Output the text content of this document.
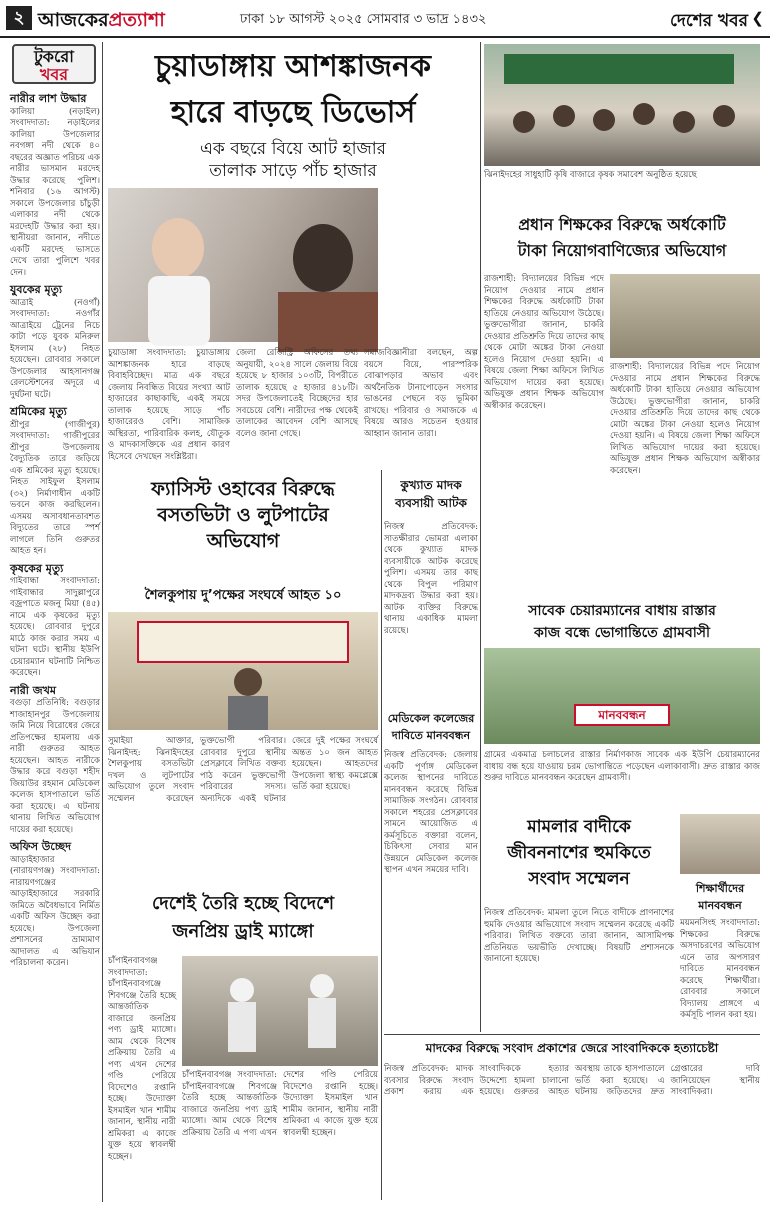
২ আজকেরপ্রত্যাশা	ঢাকা ১৮ আগস্ট ২০২৫ সোমবার ৩ ভাদ্র ১৪৩২	দেশের খবর ❮
টুকরো
খবর
নারীর লাশ উদ্ধার

কালিয়া (নড়াইল) সংবাদদাতা: নড়াইলের কালিয়া উপজেলার নবগঙ্গা নদী থেকে ৪০ বছরের অজ্ঞাত পরিচয় এক নারীর ভাসমান মরদেহ উদ্ধার করেছে পুলিশ। শনিবার (১৬ আগস্ট) সকালে উপজেলার চাঁচুড়ী এলাকার নদী থেকে মরদেহটি উদ্ধার করা হয়। স্থানীয়রা জানান, নদীতে একটি মরদেহ ভাসতে দেখে তারা পুলিশে খবর দেন।

যুবকের মৃত্যু

আত্রাই (নওগাঁ) সংবাদদাতা: নওগাঁর আত্রাইয়ে ট্রেনের নিচে কাটা পড়ে যুবক মনিরুল ইসলাম (২৮) নিহত হয়েছেন। রোববার সকালে উপজেলার আহসানগঞ্জ রেলস্টেশনের অদূরে এ দুর্ঘটনা ঘটে।

শ্রমিকের মৃত্যু

শ্রীপুর (গাজীপুর) সংবাদদাতা: গাজীপুরের শ্রীপুর উপজেলায় বৈদ্যুতিক তারে জড়িয়ে এক শ্রমিকের মৃত্যু হয়েছে। নিহত সাইফুল ইসলাম (৩২) নির্মাণাধীন একটি ভবনে কাজ করছিলেন। এসময় অসাবধানতাবশত বিদ্যুতের তারে স্পর্শ লাগলে তিনি গুরুতর আহত হন।

কৃষকের মৃত্যু

গাইবান্ধা সংবাদদাতা: গাইবান্ধার সাদুল্লাপুরে বজ্রপাতে মজনু মিয়া (৪৫) নামে এক কৃষকের মৃত্যু হয়েছে। রোববার দুপুরে মাঠে কাজ করার সময় এ ঘটনা ঘটে। স্থানীয় ইউপি চেয়ারম্যান ঘটনাটি নিশ্চিত করেছেন।

নারী জখম

বগুড়া প্রতিনিধি: বগুড়ার শাজাহানপুর উপজেলায় জমি নিয়ে বিরোধের জেরে প্রতিপক্ষের হামলায় এক নারী গুরুতর আহত হয়েছেন। আহত নারীকে উদ্ধার করে বগুড়া শহীদ জিয়াউর রহমান মেডিকেল কলেজ হাসপাতালে ভর্তি করা হয়েছে। এ ঘটনায় থানায় লিখিত অভিযোগ দায়ের করা হয়েছে।

অফিস উচ্ছেদ

আড়াইহাজার (নারায়ণগঞ্জ) সংবাদদাতা: নারায়ণগঞ্জের আড়াইহাজারে সরকারি জমিতে অবৈধভাবে নির্মিত একটি অফিস উচ্ছেদ করা হয়েছে। উপজেলা প্রশাসনের ভ্রাম্যমাণ আদালত এ অভিযান পরিচালনা করেন।

চুয়াডাঙ্গায় আশঙ্কাজনক
হারে বাড়ছে ডিভোর্স
এক বছরে বিয়ে আট হাজার
তালাক সাড়ে পাঁচ হাজার
চুয়াডাঙ্গা সংবাদদাতা: চুয়াডাঙ্গায় আশঙ্কাজনক হারে বাড়ছে বিবাহবিচ্ছেদ। মাত্র এক বছরে জেলায় নিবন্ধিত বিয়ের সংখ্যা আট হাজারের কাছাকাছি, একই সময়ে তালাক হয়েছে সাড়ে পাঁচ হাজারেরও বেশি। সামাজিক অস্থিরতা, পারিবারিক কলহ, যৌতুক ও মাদকাসক্তিকে এর প্রধান কারণ হিসেবে দেখছেন সংশ্লিষ্টরা।
জেলা রেজিস্ট্রি অফিসের তথ্য অনুযায়ী, ২০২৪ সালে জেলায় বিয়ে হয়েছে ৮ হাজার ১০৩টি, বিপরীতে তালাক হয়েছে ৫ হাজার ৪১৮টি। সদর উপজেলাতেই বিচ্ছেদের হার সবচেয়ে বেশি। নারীদের পক্ষ থেকেই তালাকের আবেদন বেশি আসছে বলেও জানা গেছে।
সমাজবিজ্ঞানীরা বলছেন, অল্প বয়সে বিয়ে, পারস্পরিক বোঝাপড়ার অভাব এবং অর্থনৈতিক টানাপোড়েন সংসার ভাঙনের পেছনে বড় ভূমিকা রাখছে। পরিবার ও সমাজকে এ বিষয়ে আরও সচেতন হওয়ার আহ্বান জানান তারা।
ঝিনাইদহের সাধুহাটি কৃষি বাজারে কৃষক সমাবেশ অনুষ্ঠিত হয়েছে
প্রধান শিক্ষকের বিরুদ্ধে অর্ধকোটি
টাকা নিয়োগবাণিজ্যের অভিযোগ
রাজশাহী: বিদ্যালয়ের বিভিন্ন পদে নিয়োগ দেওয়ার নামে প্রধান শিক্ষকের বিরুদ্ধে অর্ধকোটি টাকা হাতিয়ে নেওয়ার অভিযোগ উঠেছে। ভুক্তভোগীরা জানান, চাকরি দেওয়ার প্রতিশ্রুতি দিয়ে তাদের কাছ থেকে মোটা অঙ্কের টাকা নেওয়া হলেও নিয়োগ দেওয়া হয়নি। এ বিষয়ে জেলা শিক্ষা অফিসে লিখিত অভিযোগ দায়ের করা হয়েছে। অভিযুক্ত প্রধান শিক্ষক অভিযোগ অস্বীকার করেছেন।
রাজশাহী: বিদ্যালয়ের বিভিন্ন পদে নিয়োগ দেওয়ার নামে প্রধান শিক্ষকের বিরুদ্ধে অর্ধকোটি টাকা হাতিয়ে নেওয়ার অভিযোগ উঠেছে। ভুক্তভোগীরা জানান, চাকরি দেওয়ার প্রতিশ্রুতি দিয়ে তাদের কাছ থেকে মোটা অঙ্কের টাকা নেওয়া হলেও নিয়োগ দেওয়া হয়নি। এ বিষয়ে জেলা শিক্ষা অফিসে লিখিত অভিযোগ দায়ের করা হয়েছে। অভিযুক্ত প্রধান শিক্ষক অভিযোগ অস্বীকার করেছেন।
ফ্যাসিস্ট ওহাবের বিরুদ্ধে
বসতভিটা ও লুটপাটের
অভিযোগ
শৈলকুপায় দু’পক্ষের সংঘর্ষে আহত ১০
সুমাইয়া আক্তার, ঝিনাইদহ: ঝিনাইদহের শৈলকুপায় বসতভিটা দখল ও লুটপাটের অভিযোগ তুলে সংবাদ সম্মেলন করেছেন ভুক্তভোগী পরিবার। রোববার দুপুরে স্থানীয় প্রেসক্লাবে লিখিত বক্তব্য পাঠ করেন ভুক্তভোগী পরিবারের সদস্য। অন্যদিকে একই ঘটনার জেরে দুই পক্ষের সংঘর্ষে অন্তত ১০ জন আহত হয়েছেন। আহতদের উপজেলা স্বাস্থ্য কমপ্লেক্সে ভর্তি করা হয়েছে।
কুখ্যাত মাদক
ব্যবসায়ী আটক
নিজস্ব প্রতিবেদক: সাতক্ষীরার ভোমরা এলাকা থেকে কুখ্যাত মাদক ব্যবসায়ীকে আটক করেছে পুলিশ। এসময় তার কাছ থেকে বিপুল পরিমাণ মাদকদ্রব্য উদ্ধার করা হয়। আটক ব্যক্তির বিরুদ্ধে থানায় একাধিক মামলা রয়েছে।
মেডিকেল কলেজের
দাবিতে মানববন্ধন
নিজস্ব প্রতিবেদক: জেলায় একটি পূর্ণাঙ্গ মেডিকেল কলেজ স্থাপনের দাবিতে মানববন্ধন করেছে বিভিন্ন সামাজিক সংগঠন। রোববার সকালে শহরের প্রেসক্লাবের সামনে আয়োজিত এ কর্মসূচিতে বক্তারা বলেন, চিকিৎসা সেবার মান উন্নয়নে মেডিকেল কলেজ স্থাপন এখন সময়ের দাবি।
সাবেক চেয়ারম্যানের বাধায় রাস্তার
কাজ বন্ধে ভোগান্তিতে গ্রামবাসী
মানববন্ধন
গ্রামের একমাত্র চলাচলের রাস্তার নির্মাণকাজ সাবেক এক ইউপি চেয়ারম্যানের বাধায় বন্ধ হয়ে যাওয়ায় চরম ভোগান্তিতে পড়েছেন এলাকাবাসী। দ্রুত রাস্তার কাজ শুরুর দাবিতে মানববন্ধন করেছেন গ্রামবাসী।
মামলার বাদীকে
জীবননাশের হুমকিতে
সংবাদ সম্মেলন
নিজস্ব প্রতিবেদক: মামলা তুলে নিতে বাদীকে প্রাণনাশের হুমকি দেওয়ার অভিযোগে সংবাদ সম্মেলন করেছে একটি পরিবার। লিখিত বক্তব্যে তারা জানান, আসামিপক্ষ প্রতিনিয়ত ভয়ভীতি দেখাচ্ছে। বিষয়টি প্রশাসনকে জানানো হয়েছে।
শিক্ষার্থীদের
মানববন্ধন
ময়মনসিংহ সংবাদদাতা: শিক্ষকের বিরুদ্ধে অসদাচরণের অভিযোগ এনে তার অপসারণ দাবিতে মানববন্ধন করেছে শিক্ষার্থীরা। রোববার সকালে বিদ্যালয় প্রাঙ্গণে এ কর্মসূচি পালন করা হয়।
দেশেই তৈরি হচ্ছে বিদেশে
জনপ্রিয় ড্রাই ম্যাঙ্গো
চাঁপাইনবাবগঞ্জ সংবাদদাতা: চাঁপাইনবাবগঞ্জে শিবগঞ্জে তৈরি হচ্ছে আন্তর্জাতিক বাজারে জনপ্রিয় পণ্য ড্রাই ম্যাঙ্গো। আম থেকে বিশেষ প্রক্রিয়ায় তৈরি এ পণ্য এখন দেশের গণ্ডি পেরিয়ে বিদেশেও রপ্তানি হচ্ছে। উদ্যোক্তা ইসমাইল খান শামীম জানান, স্থানীয় নারী শ্রমিকরা এ কাজে যুক্ত হয়ে স্বাবলম্বী হচ্ছেন।
চাঁপাইনবাবগঞ্জ সংবাদদাতা: চাঁপাইনবাবগঞ্জে শিবগঞ্জে তৈরি হচ্ছে আন্তর্জাতিক বাজারে জনপ্রিয় পণ্য ড্রাই ম্যাঙ্গো। আম থেকে বিশেষ প্রক্রিয়ায় তৈরি এ পণ্য এখন দেশের গণ্ডি পেরিয়ে বিদেশেও রপ্তানি হচ্ছে। উদ্যোক্তা ইসমাইল খান শামীম জানান, স্থানীয় নারী শ্রমিকরা এ কাজে যুক্ত হয়ে স্বাবলম্বী হচ্ছেন।
মাদকের বিরুদ্ধে সংবাদ প্রকাশের জেরে সাংবাদিককে হত্যাচেষ্টা
নিজস্ব প্রতিবেদক: মাদক ব্যবসার বিরুদ্ধে সংবাদ প্রকাশ করায় এক সাংবাদিককে হত্যার উদ্দেশ্যে হামলা চালানো হয়েছে। গুরুতর আহত অবস্থায় তাকে হাসপাতালে ভর্তি করা হয়েছে। এ ঘটনায় জড়িতদের দ্রুত গ্রেপ্তারের দাবি জানিয়েছেন স্থানীয় সাংবাদিকরা।
